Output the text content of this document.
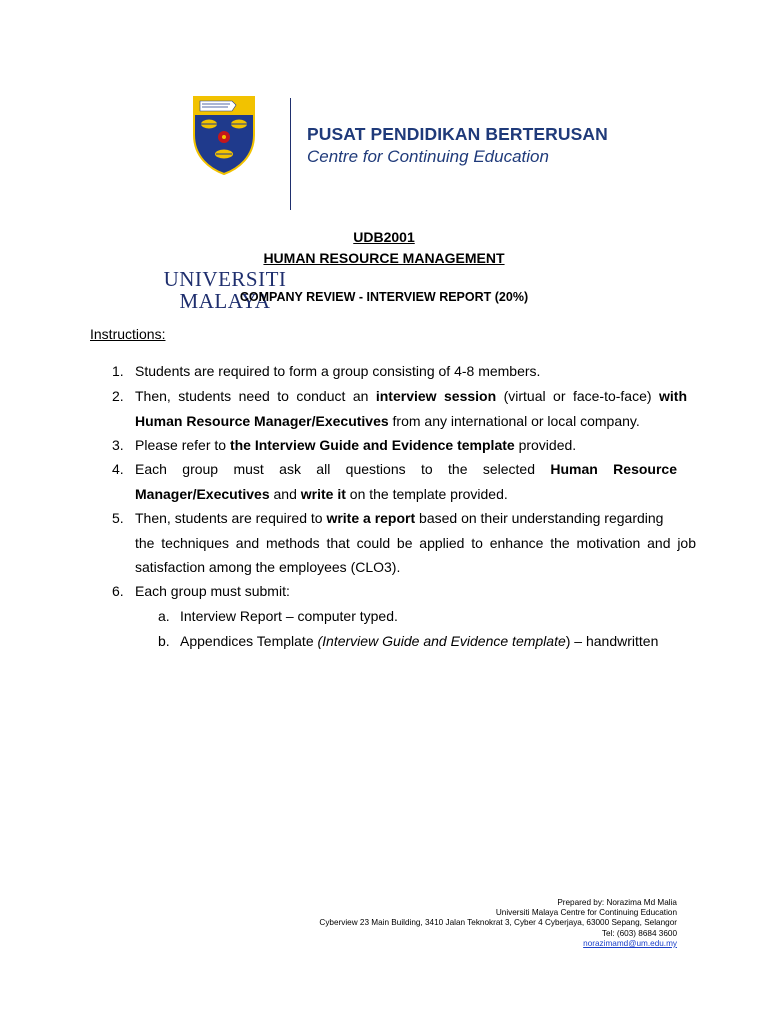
UNIVERSITI
MALAYA
PUSAT PENDIDIKAN BERTERUSAN
Centre for Continuing Education
UDB2001
HUMAN RESOURCE MANAGEMENT
COMPANY REVIEW - INTERVIEW REPORT (20%)
Instructions:
1. Students are required to form a group consisting of 4-8 members.
2. Then, students need to conduct an interview session (virtual or face-to-face) with
Human Resource Manager/Executives from any international or local company.
3. Please refer to the Interview Guide and Evidence template provided.
4. Each group must ask all questions to the selected Human Resource
Manager/Executives and write it on the template provided.
5. Then, students are required to write a report based on their understanding regarding
the techniques and methods that could be applied to enhance the motivation and job
satisfaction among the employees (CLO3).
6. Each group must submit:
a. Interview Report – computer typed.
b. Appendices Template (Interview Guide and Evidence template) – handwritten
Prepared by: Norazima Md Malia
Universiti Malaya Centre for Continuing Education
Cyberview 23 Main Building, 3410 Jalan Teknokrat 3, Cyber 4 Cyberjaya, 63000 Sepang, Selangor
Tel: (603) 8684 3600
norazimamd@um.edu.my
